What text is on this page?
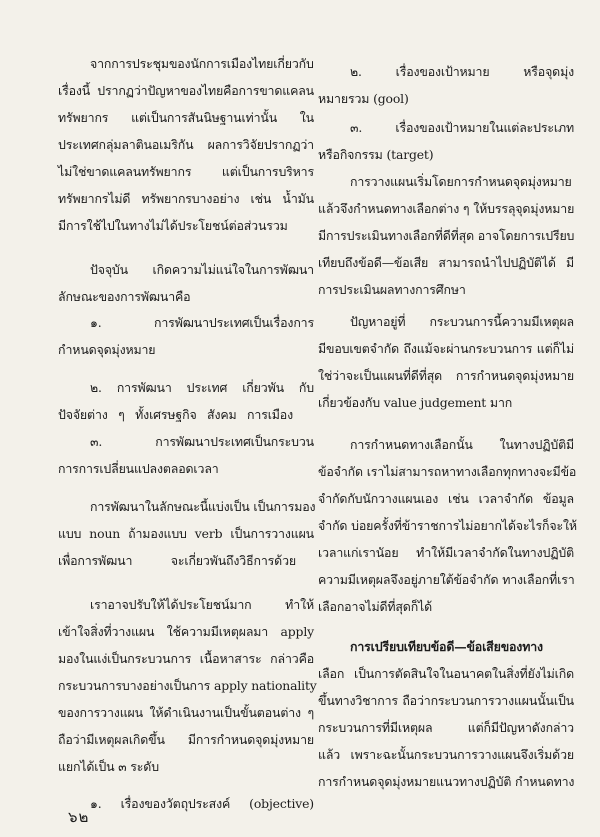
จากการประชุมของนักการเมืองไทยเกี่ยวกับ
เรื่องนี้ ปรากฏว่าปัญหาของไทยคือการขาดแคลน
ทรัพยากร แต่เป็นการสันนิษฐานเท่านั้น ใน
ประเทศกลุ่มลาตินอเมริกัน ผลการวิจัยปรากฏว่า
ไม่ใช่ขาดแคลนทรัพยากร แต่เป็นการบริหาร
ทรัพยากรไม่ดี ทรัพยากรบางอย่าง เช่น น้ำมัน
มีการใช้ไปในทางไม่ได้ประโยชน์ต่อส่วนรวม
ปัจจุบัน เกิดความไม่แน่ใจในการพัฒนา
ลักษณะของการพัฒนาคือ
๑. การพัฒนาประเทศเป็นเรื่องการ
กำหนดจุดมุ่งหมาย
๒. การพัฒนา ประเทศ เกี่ยวพัน กับ
ปัจจัยต่าง ๆ ทั้งเศรษฐกิจ สังคม การเมือง
๓. การพัฒนาประเทศเป็นกระบวน
การการเปลี่ยนแปลงตลอดเวลา
การพัฒนาในลักษณะนี้แบ่งเป็น เป็นการมอง
แบบ noun ถ้ามองแบบ verb เป็นการวางแผน
เพื่อการพัฒนา จะเกี่ยวพันถึงวิธีการด้วย
เราอาจปรับให้ได้ประโยชน์มาก ทำให้
เข้าใจสิ่งที่วางแผน ใช้ความมีเหตุผลมา apply
มองในแง่เป็นกระบวนการ เนื้อหาสาระ กล่าวคือ
กระบวนการบางอย่างเป็นการ apply nationality
ของการวางแผน ให้ดำเนินงานเป็นขั้นตอนต่าง ๆ
ถือว่ามีเหตุผลเกิดขึ้น มีการกำหนดจุดมุ่งหมาย
แยกได้เป็น ๓ ระดับ
๑. เรื่องของวัตถุประสงค์ (objective)
๒. เรื่องของเป้าหมาย หรือจุดมุ่ง
หมายรวม (gool)
๓. เรื่องของเป้าหมายในแต่ละประเภท
หรือกิจกรรม (target)
การวางแผนเริ่มโดยการกำหนดจุดมุ่งหมาย
แล้วจึงกำหนดทางเลือกต่าง ๆ ให้บรรลุจุดมุ่งหมาย
มีการประเมินทางเลือกที่ดีที่สุด อาจโดยการเปรียบ
เทียบถึงข้อดี—ข้อเสีย สามารถนำไปปฏิบัติได้ มี
การประเมินผลทางการศึกษา
ปัญหาอยู่ที่ กระบวนการนี้ความมีเหตุผล
มีขอบเขตจำกัด ถึงแม้จะผ่านกระบวนการ แต่ก็ไม่
ใช่ว่าจะเป็นแผนที่ดีที่สุด การกำหนดจุดมุ่งหมาย
เกี่ยวข้องกับ value judgement มาก
การกำหนดทางเลือกนั้น ในทางปฏิบัติมี
ข้อจำกัด เราไม่สามารถหาทางเลือกทุกทางจะมีข้อ
จำกัดกับนักวางแผนเอง เช่น เวลาจำกัด ข้อมูล
จำกัด บ่อยครั้งที่ข้าราชการไม่อยากได้จะไรก็จะให้
เวลาแก่เรานัอย ทำให้มีเวลาจำกัดในทางปฏิบัติ
ความมีเหตุผลจึงอยู่ภายใต้ข้อจำกัด ทางเลือกที่เรา
เลือกอาจไม่ดีที่สุดก็ได้
การเปรียบเทียบข้อดี—ข้อเสียของทาง
เลือก เป็นการตัดสินใจในอนาคตในสิ่งที่ยังไม่เกิด
ขึ้นทางวิชาการ ถือว่ากระบวนการวางแผนนั้นเป็น
กระบวนการที่มีเหตุผล แต่ก็มีปัญหาดังกล่าว
แล้ว เพราะฉะนั้นกระบวนการวางแผนจึงเริ่มด้วย
การกำหนดจุดมุ่งหมายแนวทางปฏิบัติ กำหนดทาง
๖๒
